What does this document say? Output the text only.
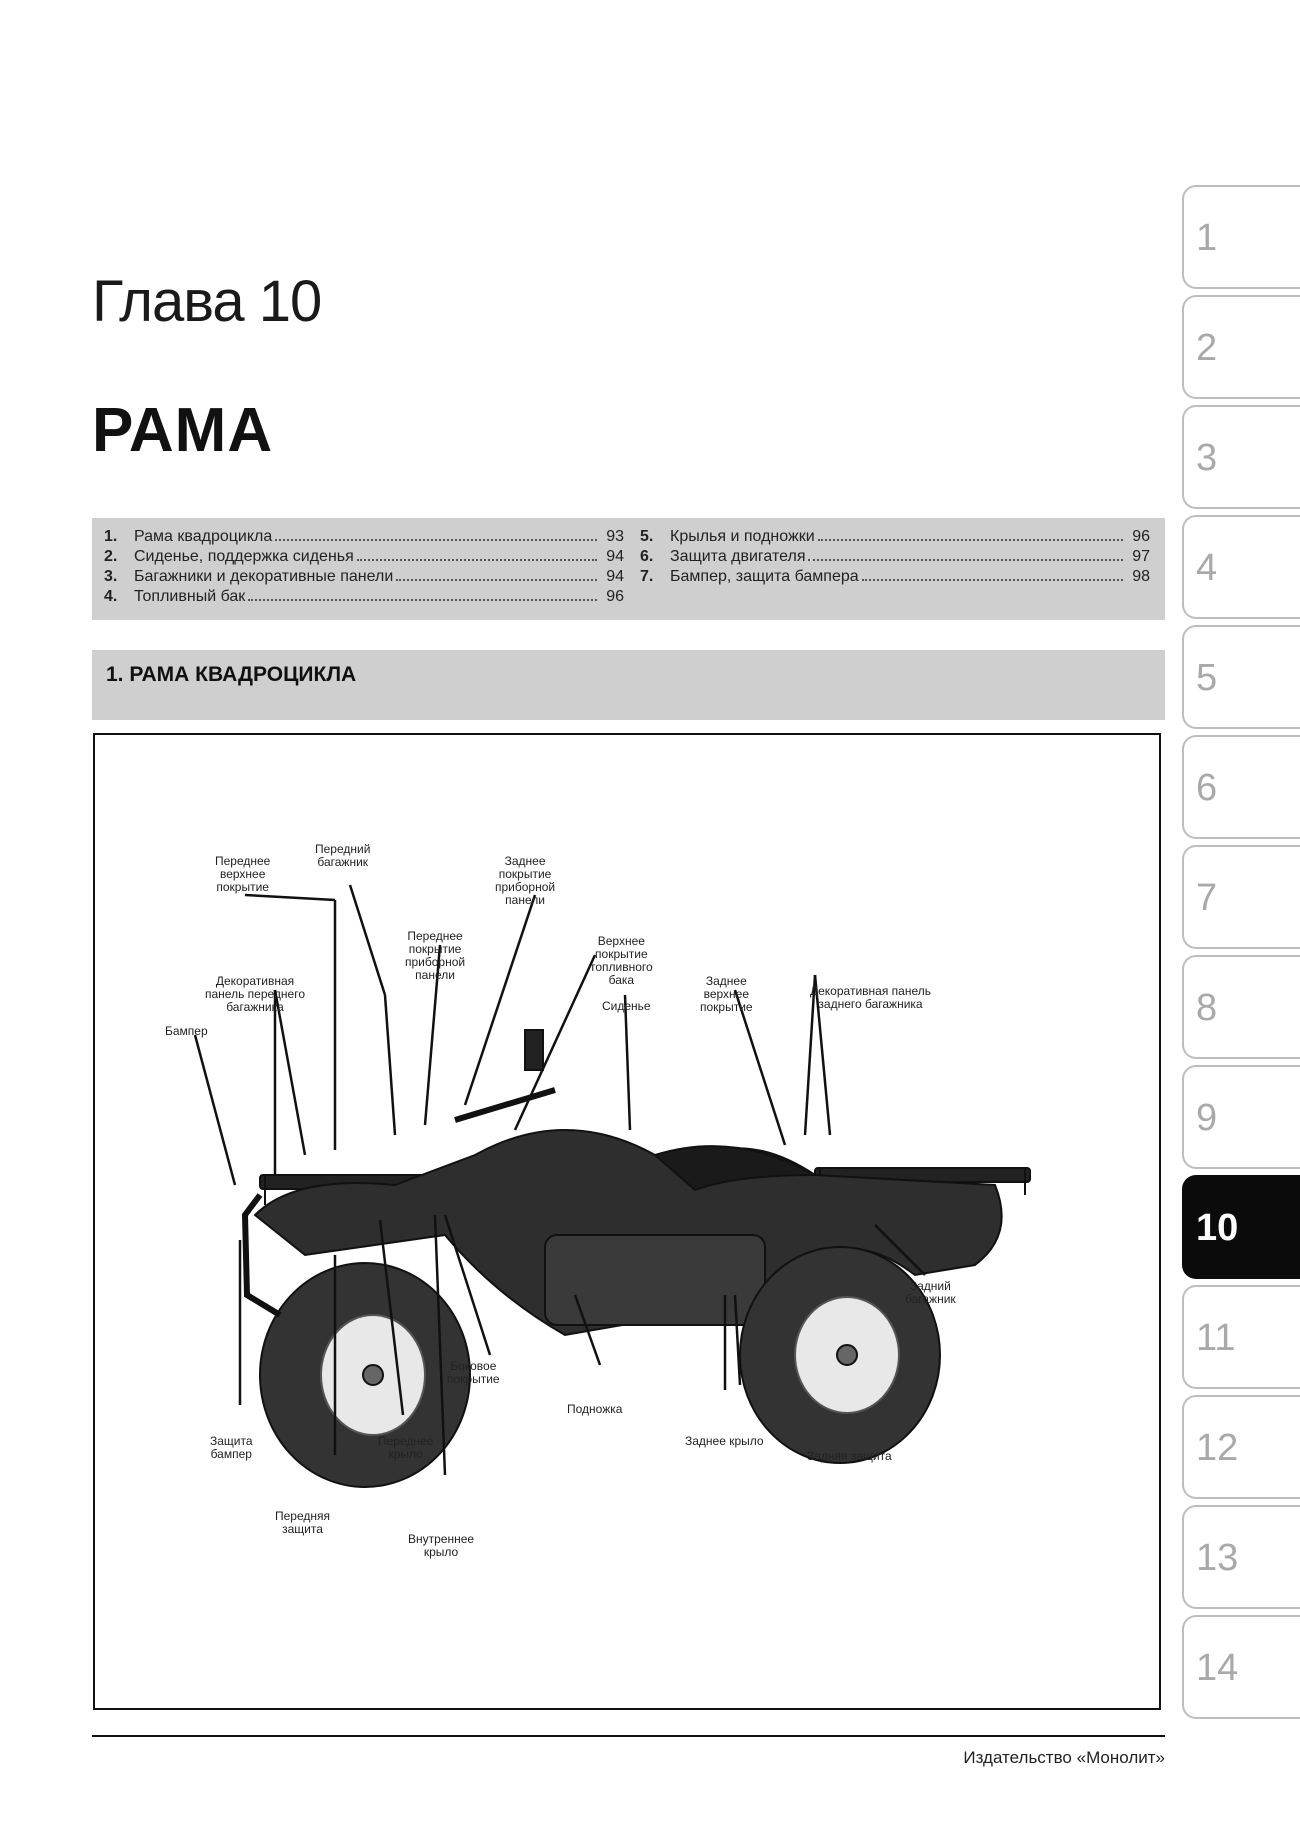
Глава 10
РАМА
1.	Рама квадроцикла	93
2.	Сиденье, поддержка сиденья	94
3.	Багажники и декоративные панели	94
4.	Топливный бак	96
5.	Крылья и подножки	96
6.	Защита двигателя	97
7.	Бампер, защита бампера	98
1. РАМА КВАДРОЦИКЛА
Переднее
верхнее
покрытие
Передний
багажник	Заднее
покрытие
приборной
панели
Переднее
покрытие
приборной
панели
Верхнее
покрытие
топливного
бака
Декоративная
панель переднего
багажника
Заднее
верхнее
покрытие
Декоративная панель
заднего багажника
Сиденье
Бампер
Задний
багажник
Боковое
покрытие
Подножка
Заднее крыло
Задняя защита
Защита
бампер
Переднее
крыло
Передняя
защита
Внутреннее
крыло
Издательство «Монолит»
1
2
3
4
5
6
7
8
9
10
11
12
13
14
